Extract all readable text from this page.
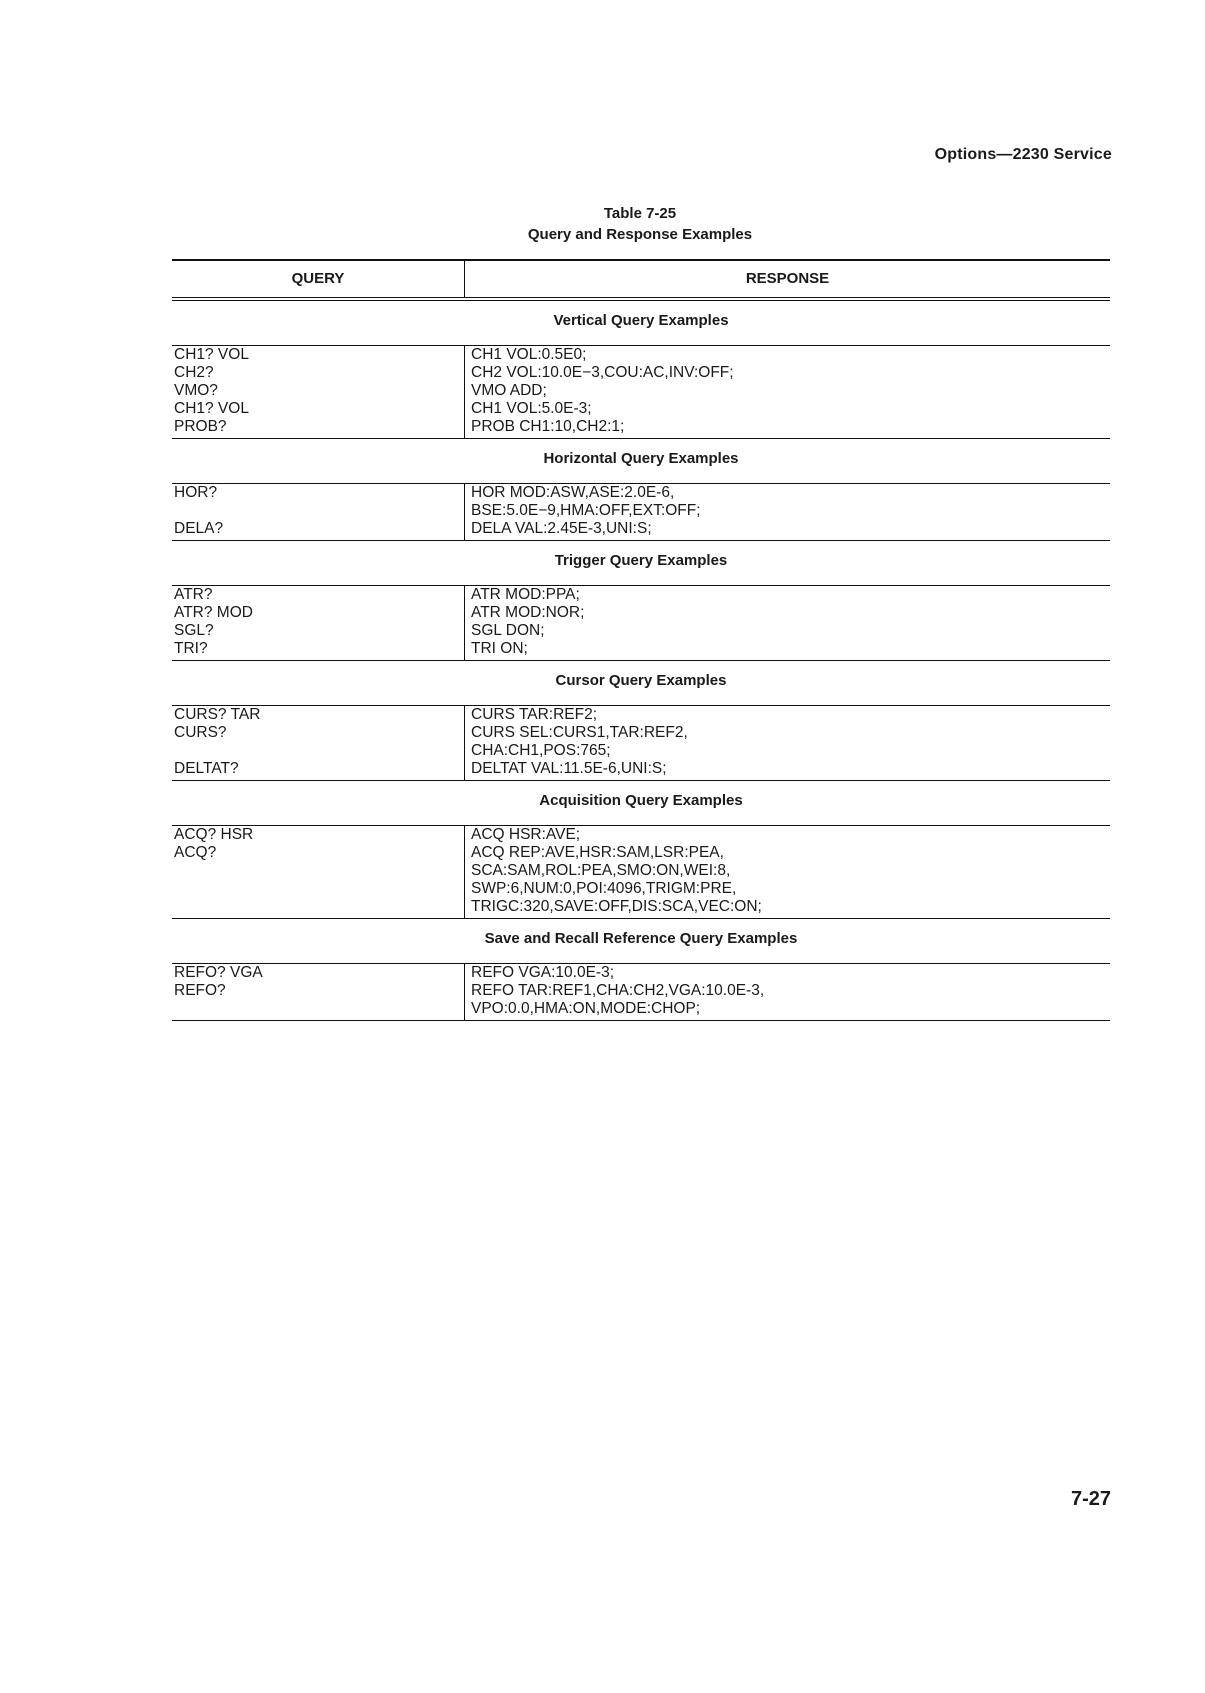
Options—2230 Service
Table 7-25
Query and Response Examples
QUERY	RESPONSE
Vertical Query Examples	
CH1? VOL	CH1 VOL:0.5E0;
CH2?	CH2 VOL:10.0E−3,COU:AC,INV:OFF;
VMO?	VMO ADD;
CH1? VOL	CH1 VOL:5.0E-3;
PROB?	PROB CH1:10,CH2:1;
Horizontal Query Examples	
HOR?	HOR MOD:ASW,ASE:2.0E-6,
BSE:5.0E−9,HMA:OFF,EXT:OFF;

DELA?	DELA VAL:2.45E-3,UNI:S;
Trigger Query Examples	
ATR?	ATR MOD:PPA;
ATR? MOD	ATR MOD:NOR;
SGL?	SGL DON;
TRI?	TRI ON;
Cursor Query Examples	
CURS? TAR	CURS TAR:REF2;
CURS?	CURS SEL:CURS1,TAR:REF2,
CHA:CH1,POS:765;

DELTAT?	DELTAT VAL:11.5E-6,UNI:S;
Acquisition Query Examples	
ACQ? HSR	ACQ HSR:AVE;
ACQ?	ACQ REP:AVE,HSR:SAM,LSR:PEA,
SCA:SAM,ROL:PEA,SMO:ON,WEI:8,
SWP:6,NUM:0,POI:4096,TRIGM:PRE,
TRIGC:320,SAVE:OFF,DIS:SCA,VEC:ON;

Save and Recall Reference Query Examples	
REFO? VGA	REFO VGA:10.0E-3;
REFO?	REFO TAR:REF1,CHA:CH2,VGA:10.0E-3,
VPO:0.0,HMA:ON,MODE:CHOP;
7-27
